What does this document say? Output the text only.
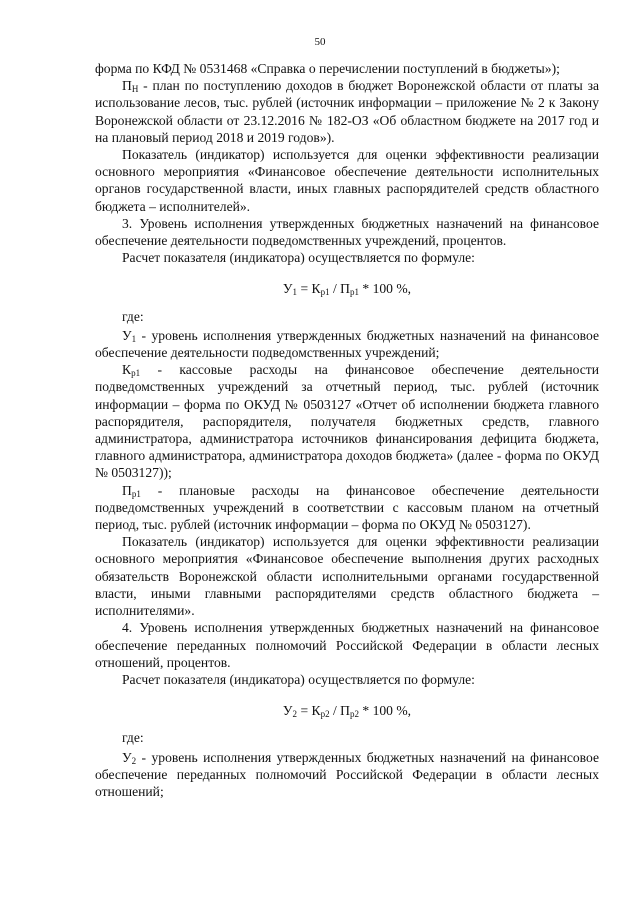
50

форма по КФД № 0531468 «Справка о перечислении поступлений в бюджеты»);

$П_Н$ - план по поступлению доходов в бюджет Воронежской области от платы за использование лесов, тыс. рублей (источник информации – приложение № 2 к Закону Воронежской области от 23.12.2016 № 182-ОЗ «Об областном бюджете на 2017 год и на плановый период 2018 и 2019 годов»).

Показатель (индикатор) используется для оценки эффективности реализации основного мероприятия «Финансовое обеспечение деятельности исполнительных органов государственной власти, иных главных распорядителей средств областного бюджета – исполнителей».

3. Уровень исполнения утвержденных бюджетных назначений на финансовое обеспечение деятельности подведомственных учреждений, процентов.

Расчет показателя (индикатора) осуществляется по формуле:

$У_1 = К_{р1} / П_{р1} * 100$ %,

где:

$У_1$ - уровень исполнения утвержденных бюджетных назначений на финансовое обеспечение деятельности подведомственных учреждений;

$К_{р1}$ - кассовые расходы на финансовое обеспечение деятельности подведомственных учреждений за отчетный период, тыс. рублей (источник информации – форма по ОКУД № 0503127 «Отчет об исполнении бюджета главного распорядителя, распорядителя, получателя бюджетных средств, главного администратора, администратора источников финансирования дефицита бюджета, главного администратора, администратора доходов бюджета» (далее - форма по ОКУД № 0503127));

$П_{р1}$ - плановые расходы на финансовое обеспечение деятельности подведомственных учреждений в соответствии с кассовым планом на отчетный период, тыс. рублей (источник информации – форма по ОКУД № 0503127).

Показатель (индикатор) используется для оценки эффективности реализации основного мероприятия «Финансовое обеспечение выполнения других расходных обязательств Воронежской области исполнительными органами государственной власти, иными главными распорядителями средств областного бюджета – исполнителями».

4. Уровень исполнения утвержденных бюджетных назначений на финансовое обеспечение переданных полномочий Российской Федерации в области лесных отношений, процентов.

Расчет показателя (индикатора) осуществляется по формуле:

$У_2 = К_{р2} / П_{р2} * 100$ %,

где:

$У_2$ - уровень исполнения утвержденных бюджетных назначений на финансовое обеспечение переданных полномочий Российской Федерации в области лесных отношений;
